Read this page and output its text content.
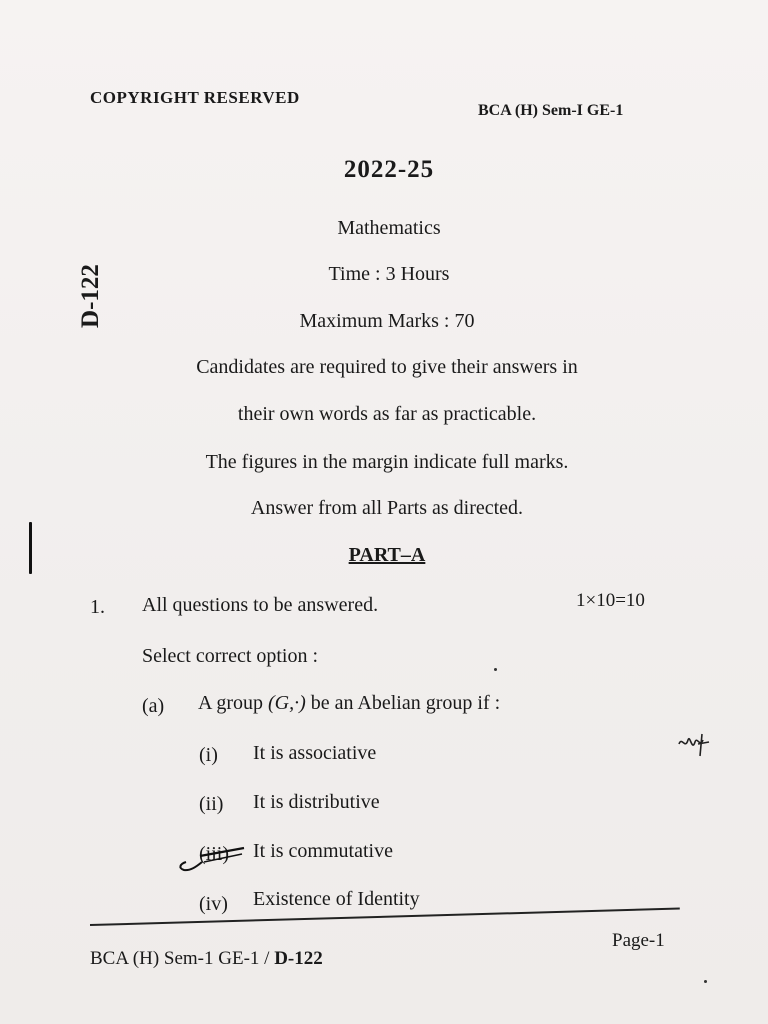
COPYRIGHT RESERVED
BCA (H) Sem-I GE-1
D-122
2022-25
Mathematics
Time : 3 Hours
Maximum Marks : 70
Candidates are required to give their answers in
their own words as far as practicable.
The figures in the margin indicate full marks.
Answer from all Parts as directed.
PART–A
1. All questions to be answered.	1×10=10
Select correct option :
(a) A group (G,·) be an Abelian group if :
(i) It is associative
(ii) It is distributive
(iii) It is commutative
(iv) Existence of Identity
BCA (H) Sem-1 GE-1 / D-122
Page-1
